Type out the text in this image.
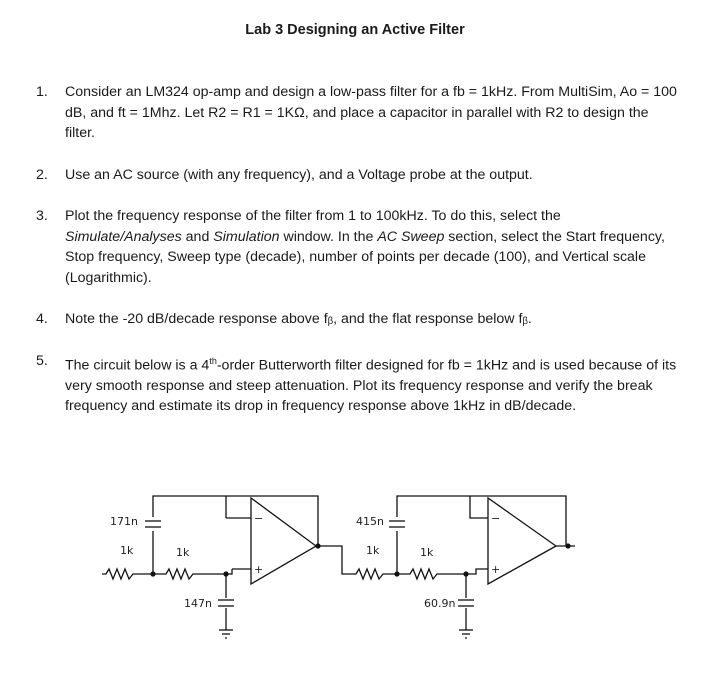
Lab 3 Designing an Active Filter
1.	Consider an LM324 op-amp and design a low-pass filter for a fb = 1kHz. From MultiSim, Ao = 100 dB, and ft = 1Mhz. Let R2 = R1 = 1KΩ, and place a capacitor in parallel with R2 to design the filter.
2.	Use an AC source (with any frequency), and a Voltage probe at the output.
3.	Plot the frequency response of the filter from 1 to 100kHz. To do this, select the Simulate/Analyses and Simulation window. In the AC Sweep section, select the Start frequency, Stop frequency, Sweep type (decade), number of points per decade (100), and Vertical scale (Logarithmic).
4.	Note the -20 dB/decade response above fᵦ, and the flat response below fᵦ.
5.	The circuit below is a 4th-order Butterworth filter designed for fb = 1kHz and is used because of its very smooth response and steep attenuation. Plot its frequency response and verify the break frequency and estimate its drop in frequency response above 1kHz in dB/decade.
−
+
171n
1k	1k
147n
−
+
415n
1k	1k
60.9n
